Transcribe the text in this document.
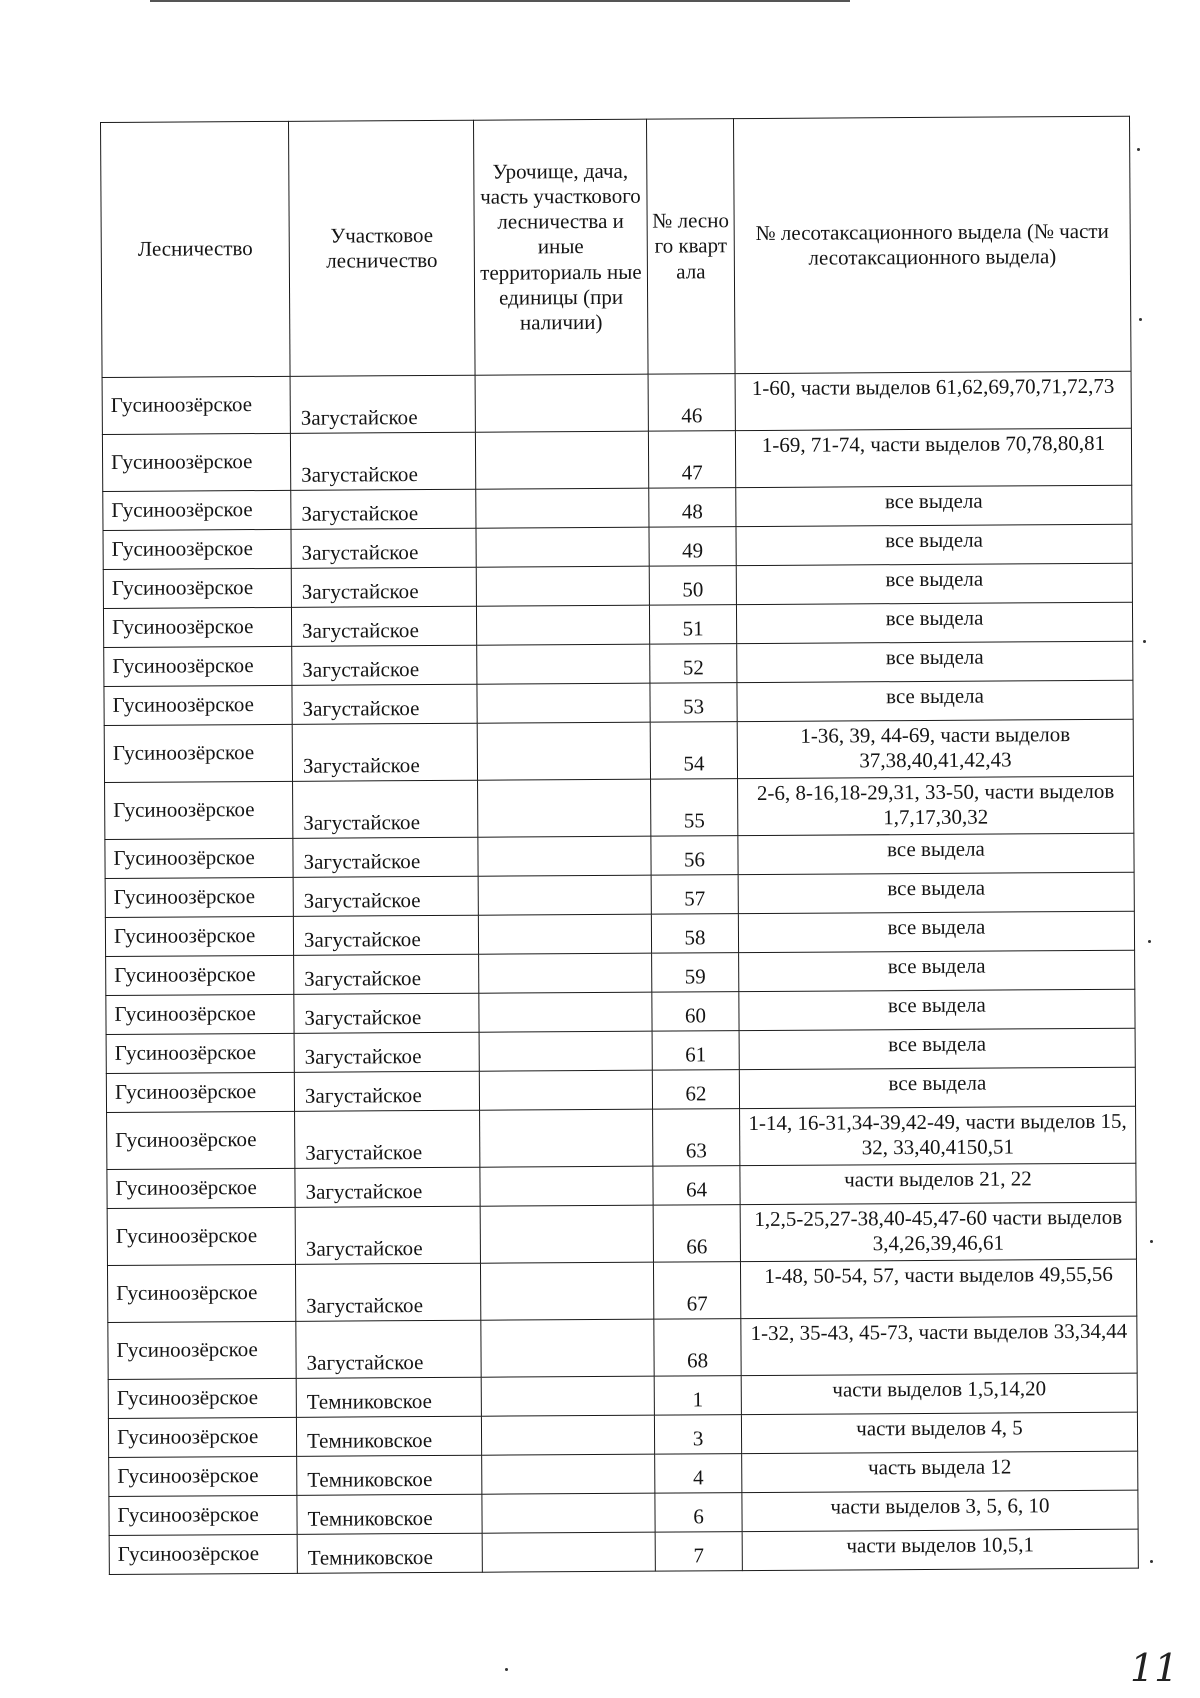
Лесничество	Участковое лесничество	Урочище, дача, часть участкового лесничества и иные территориаль ные единицы (при наличии)	№ лесно го кварт ала	№ лесотаксационного выдела (№ части лесотаксационного выдела)
Гусиноозёрское	Загустайское		46	1-60, части выделов 61,62,69,70,71,72,73
Гусиноозёрское	Загустайское		47	1-69, 71-74, части выделов 70,78,80,81
Гусиноозёрское	Загустайское		48	все выдела
Гусиноозёрское	Загустайское		49	все выдела
Гусиноозёрское	Загустайское		50	все выдела
Гусиноозёрское	Загустайское		51	все выдела
Гусиноозёрское	Загустайское		52	все выдела
Гусиноозёрское	Загустайское		53	все выдела
Гусиноозёрское	Загустайское		54	1-36, 39, 44-69, части выделов 37,38,40,41,42,43
Гусиноозёрское	Загустайское		55	2-6, 8-16,18-29,31, 33-50, части выделов 1,7,17,30,32
Гусиноозёрское	Загустайское		56	все выдела
Гусиноозёрское	Загустайское		57	все выдела
Гусиноозёрское	Загустайское		58	все выдела
Гусиноозёрское	Загустайское		59	все выдела
Гусиноозёрское	Загустайское		60	все выдела
Гусиноозёрское	Загустайское		61	все выдела
Гусиноозёрское	Загустайское		62	все выдела
Гусиноозёрское	Загустайское		63	1-14, 16-31,34-39,42-49, части выделов 15, 32, 33,40,4150,51
Гусиноозёрское	Загустайское		64	части выделов 21, 22
Гусиноозёрское	Загустайское		66	1,2,5-25,27-38,40-45,47-60 части выделов 3,4,26,39,46,61
Гусиноозёрское	Загустайское		67	1-48, 50-54, 57, части выделов 49,55,56
Гусиноозёрское	Загустайское		68	1-32, 35-43, 45-73, части выделов 33,34,44
Гусиноозёрское	Темниковское		1	части выделов 1,5,14,20
Гусиноозёрское	Темниковское		3	части выделов 4, 5
Гусиноозёрское	Темниковское		4	часть выдела 12
Гусиноозёрское	Темниковское		6	части выделов 3, 5, 6, 10
Гусиноозёрское	Темниковское		7	части выделов 10,5,1
11
